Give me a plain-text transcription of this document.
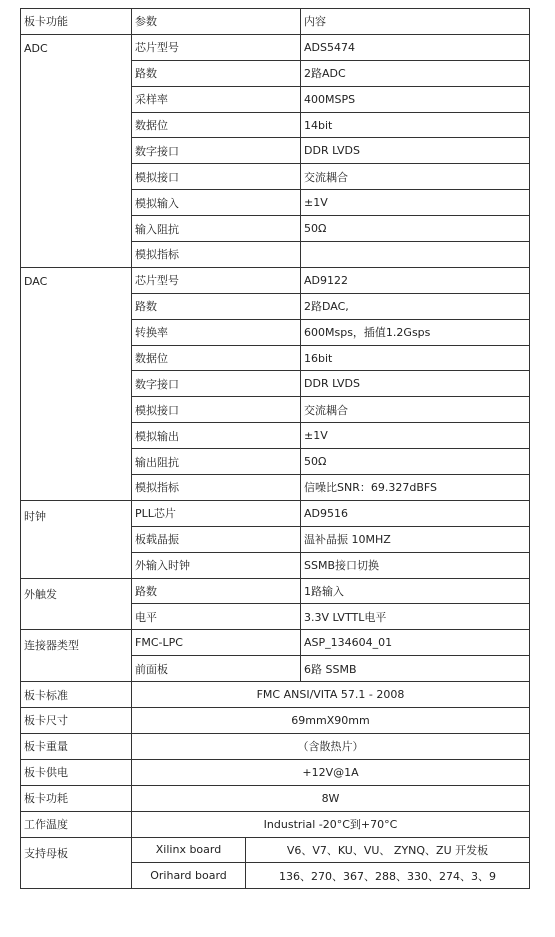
板卡功能	参数		内容
ADC	芯片型号		ADS5474
	路数		2路ADC
	采样率		400MSPS
	数据位		14bit
	数字接口		DDR LVDS
	模拟接口		交流耦合
	模拟输入		±1V
	输入阻抗		50Ω
	模拟指标		
DAC	芯片型号		AD9122
	路数		2路DAC,
	转换率		600Msps，插值1.2Gsps
	数据位		16bit
	数字接口		DDR LVDS
	模拟接口		交流耦合
	模拟输出		±1V
	输出阻抗		50Ω
	模拟指标		信噪比SNR：69.327dBFS
时钟	PLL芯片		AD9516
	板载晶振		温补晶振 10MHZ
	外输入时钟		SSMB接口切换
外触发	路数		1路输入
	电平		3.3V LVTTL电平
连接器类型	FMC-LPC		ASP_134604_01
	前面板		6路 SSMB
板卡标准	FMC ANSI/VITA 57.1 - 2008		
板卡尺寸	69mmX90mm		
板卡重量	（含散热片）		
板卡供电	+12V@1A		
板卡功耗	8W		
工作温度	Industrial -20°C到+70°C		
支持母板	Xilinx board	V6、V7、KU、VU、 ZYNQ、ZU 开发板	
	Orihard board	136、270、367、288、330、274、3、9	
